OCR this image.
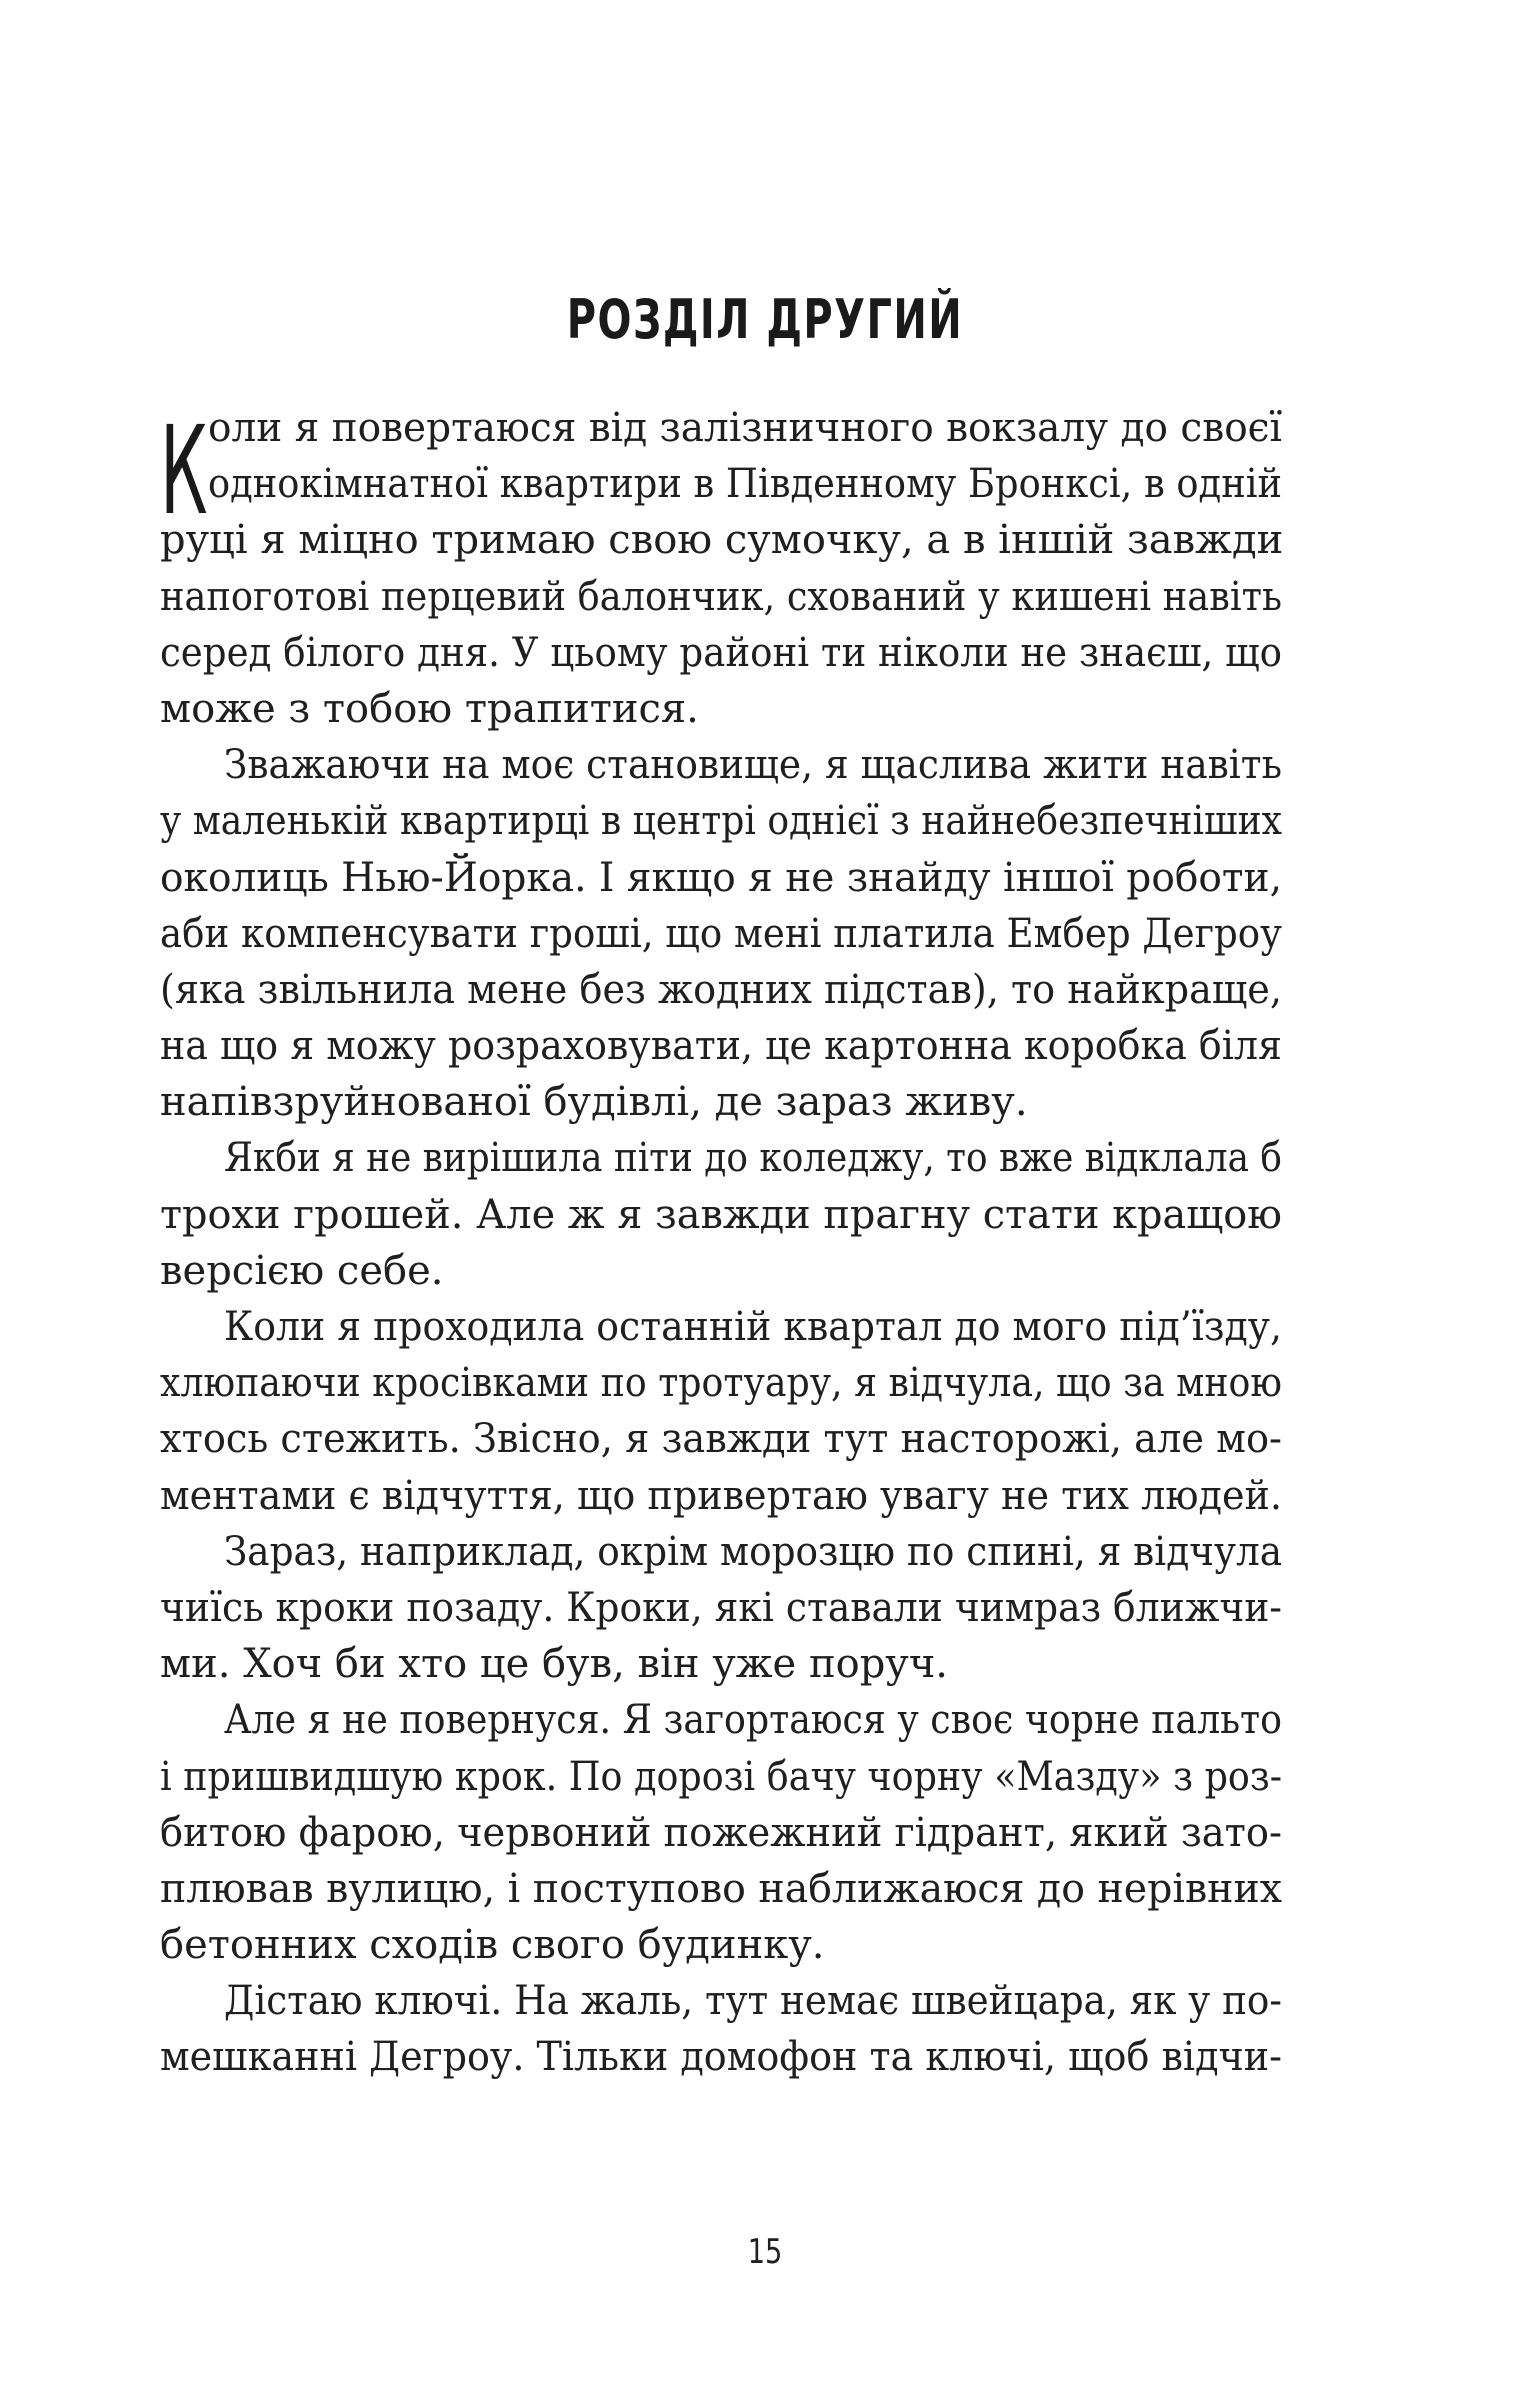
РОЗДІЛ ДРУГИЙ
К оли я повертаюся від залізничного вокзалу до своєї
однокімнатної квартири в Південному Бронксі, в одній
руці я міцно тримаю свою сумочку, а в іншій завжди
напоготові перцевий балончик, схований у кишені навіть
серед білого дня. У цьому районі ти ніколи не знаєш, що
може з тобою трапитися.
Зважаючи на моє становище, я щаслива жити навіть
у маленькій квартирці в центрі однієї з найнебезпечніших
околиць Нью-Йорка. І якщо я не знайду іншої роботи,
аби компенсувати гроші, що мені платила Ембер Дегроу
(яка звільнила мене без жодних підстав), то найкраще,
на що я можу розраховувати, це картонна коробка біля
напівзруйнованої будівлі, де зараз живу.
Якби я не вирішила піти до коледжу, то вже відклала б
трохи грошей. Але ж я завжди прагну стати кращою
версією себе.
Коли я проходила останній квартал до мого під’їзду,
хлюпаючи кросівками по тротуару, я відчула, що за мною
хтось стежить. Звісно, я завжди тут насторожі, але мо-
ментами є відчуття, що привертаю увагу не тих людей.
Зараз, наприклад, окрім морозцю по спині, я відчула
чиїсь кроки позаду. Кроки, які ставали чимраз ближчи-
ми. Хоч би хто це був, він уже поруч.
Але я не повернуся. Я загортаюся у своє чорне пальто
і пришвидшую крок. По дорозі бачу чорну «Мазду» з роз-
битою фарою, червоний пожежний гідрант, який зато-
плював вулицю, і поступово наближаюся до нерівних
бетонних сходів свого будинку.
Дістаю ключі. На жаль, тут немає швейцара, як у по-
мешканні Дегроу. Тільки домофон та ключі, щоб відчи-
15
